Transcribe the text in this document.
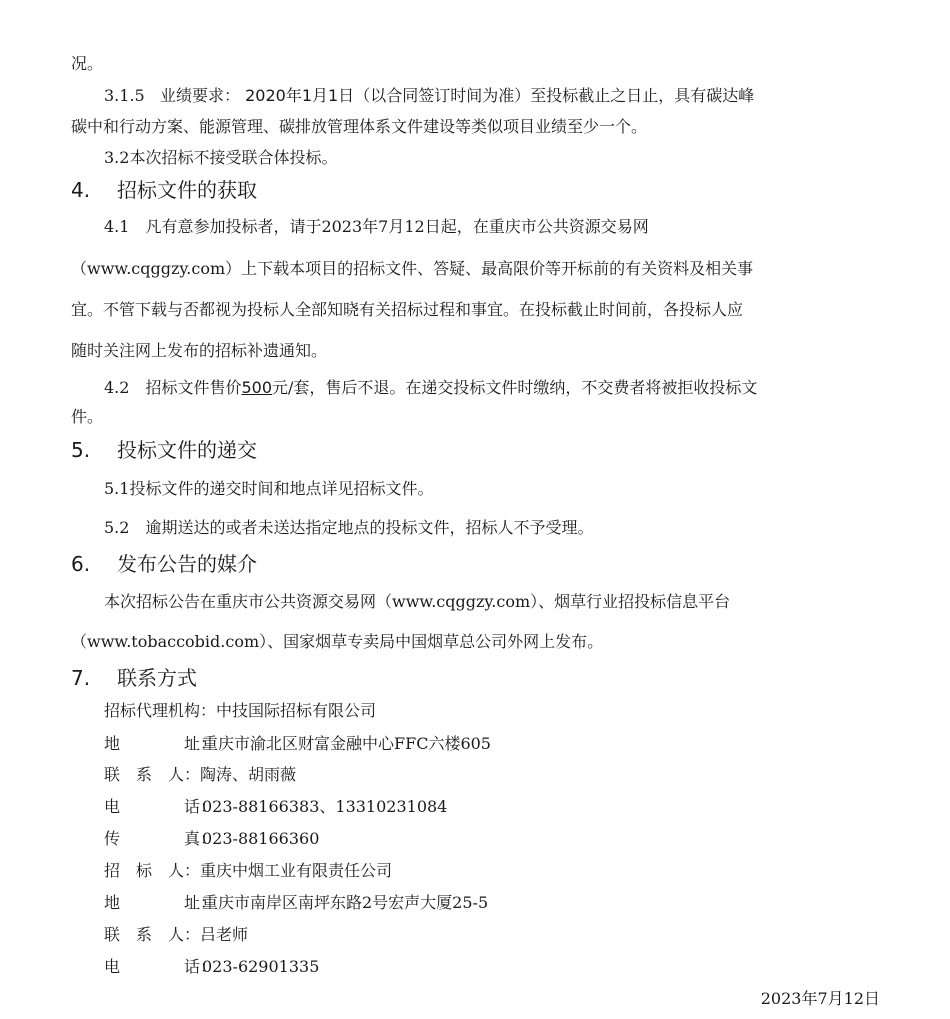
况。
3.1.5 业绩要求： 2020年1月1日（以合同签订时间为准）至投标截止之日止，具有碳达峰
碳中和行动方案、能源管理、碳排放管理体系文件建设等类似项目业绩至少一个。
3.2本次招标不接受联合体投标。
4. 招标文件的获取
4.1　凡有意参加投标者，请于2023年7月12日起，在重庆市公共资源交易网
（www.cqggzy.com）上下载本项目的招标文件、答疑、最高限价等开标前的有关资料及相关事
宜。不管下载与否都视为投标人全部知晓有关招标过程和事宜。在投标截止时间前，各投标人应
随时关注网上发布的招标补遗通知。
4.2　招标文件售价500元/套，售后不退。在递交投标文件时缴纳，不交费者将被拒收投标文
件。
5. 投标文件的递交
5.1投标文件的递交时间和地点详见招标文件。
5.2　逾期送达的或者未送达指定地点的投标文件，招标人不予受理。
6. 发布公告的媒介
本次招标公告在重庆市公共资源交易网（www.cqggzy.com）、烟草行业招投标信息平台
（www.tobaccobid.com）、国家烟草专卖局中国烟草总公司外网上发布。
7. 联系方式
招标代理机构：中技国际招标有限公司
地　　　　址：重庆市渝北区财富金融中心FFC六楼605
联　系　人：陶涛、胡雨薇
电　　　　话：023-88166383、13310231084
传　　　　真：023-88166360
招　标　人：重庆中烟工业有限责任公司
地　　　　址：重庆市南岸区南坪东路2号宏声大厦25-5
联　系　人：吕老师
电　　　　话：023-62901335
2023年7月12日
